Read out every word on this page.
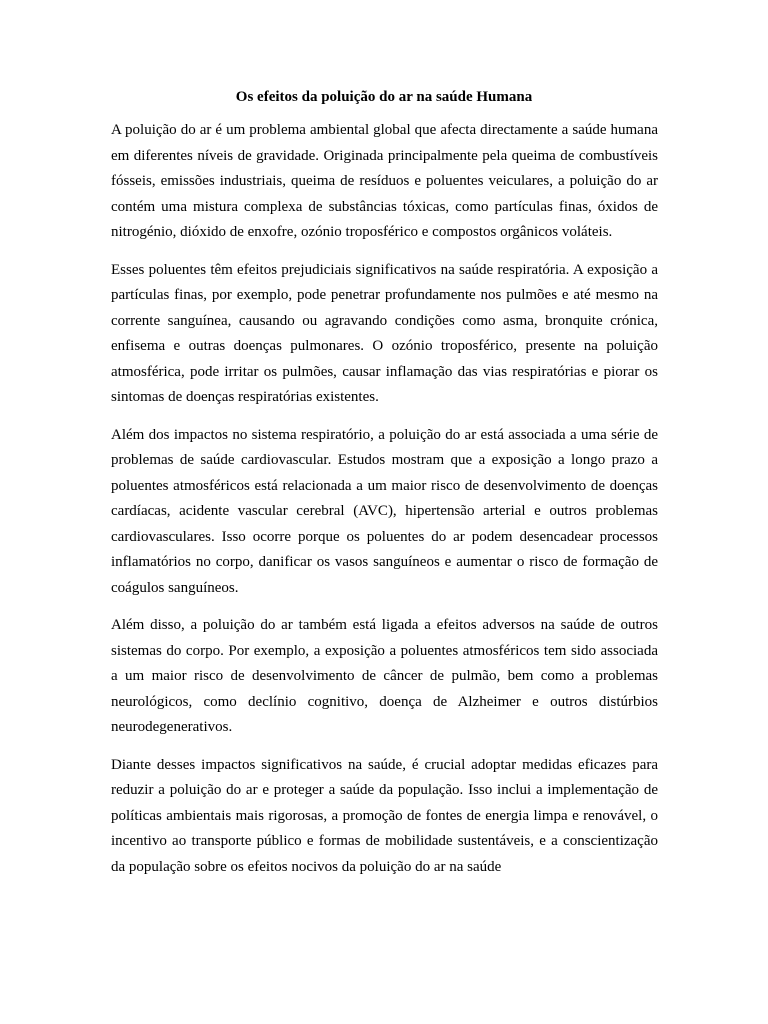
Os efeitos da poluição do ar na saúde Humana

A poluição do ar é um problema ambiental global que afecta directamente a saúde humana em diferentes níveis de gravidade. Originada principalmente pela queima de combustíveis fósseis, emissões industriais, queima de resíduos e poluentes veiculares, a poluição do ar contém uma mistura complexa de substâncias tóxicas, como partículas finas, óxidos de nitrogénio, dióxido de enxofre, ozónio troposférico e compostos orgânicos voláteis.

Esses poluentes têm efeitos prejudiciais significativos na saúde respiratória. A exposição a partículas finas, por exemplo, pode penetrar profundamente nos pulmões e até mesmo na corrente sanguínea, causando ou agravando condições como asma, bronquite crónica, enfisema e outras doenças pulmonares. O ozónio troposférico, presente na poluição atmosférica, pode irritar os pulmões, causar inflamação das vias respiratórias e piorar os sintomas de doenças respiratórias existentes.

Além dos impactos no sistema respiratório, a poluição do ar está associada a uma série de problemas de saúde cardiovascular. Estudos mostram que a exposição a longo prazo a poluentes atmosféricos está relacionada a um maior risco de desenvolvimento de doenças cardíacas, acidente vascular cerebral (AVC), hipertensão arterial e outros problemas cardiovasculares. Isso ocorre porque os poluentes do ar podem desencadear processos inflamatórios no corpo, danificar os vasos sanguíneos e aumentar o risco de formação de coágulos sanguíneos.

Além disso, a poluição do ar também está ligada a efeitos adversos na saúde de outros sistemas do corpo. Por exemplo, a exposição a poluentes atmosféricos tem sido associada a um maior risco de desenvolvimento de câncer de pulmão, bem como a problemas neurológicos, como declínio cognitivo, doença de Alzheimer e outros distúrbios neurodegenerativos.

Diante desses impactos significativos na saúde, é crucial adoptar medidas eficazes para reduzir a poluição do ar e proteger a saúde da população. Isso inclui a implementação de políticas ambientais mais rigorosas, a promoção de fontes de energia limpa e renovável, o incentivo ao transporte público e formas de mobilidade sustentáveis, e a conscientização da população sobre os efeitos nocivos da poluição do ar na saúde
